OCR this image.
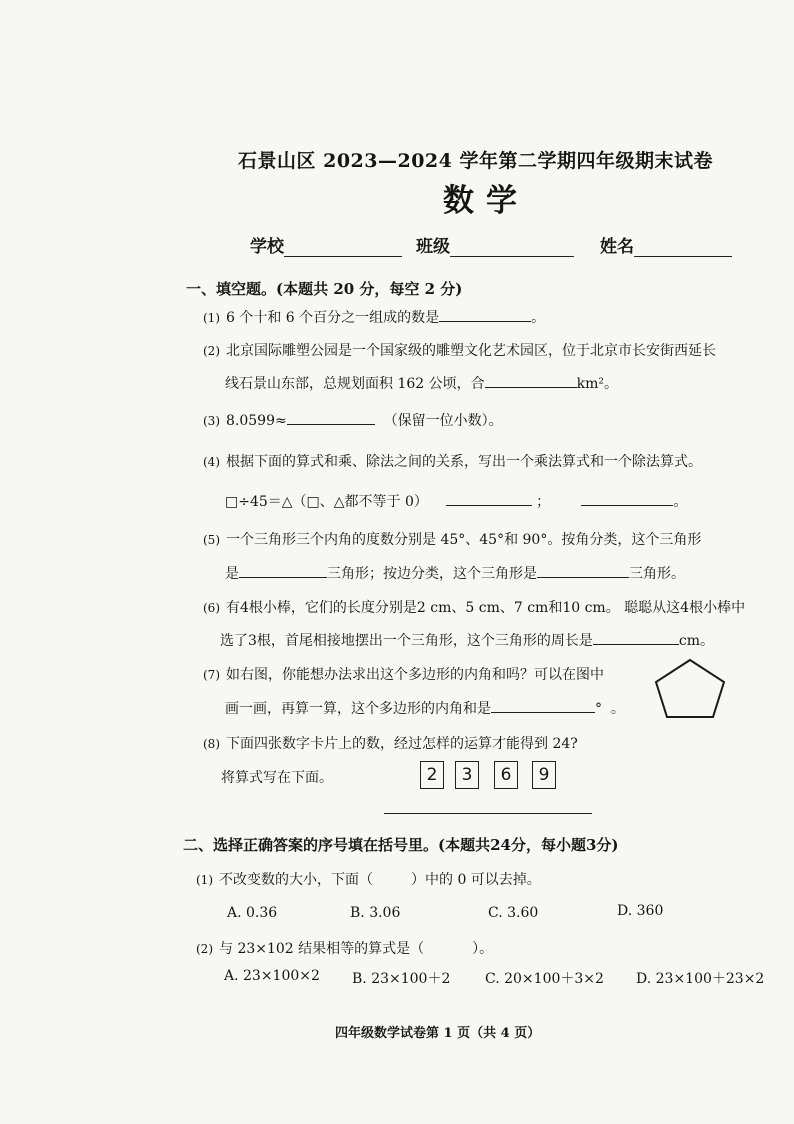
石景山区 2023—2024 学年第二学期四年级期末试卷
数学
学校	班级	姓名
一、填空题。(本题共 20 分，每空 2 分)
(1) 6 个十和 6 个百分之一组成的数是	。
(2) 北京国际雕塑公园是一个国家级的雕塑文化艺术园区，位于北京市长安街西延长
线石景山东部，总规划面积 162 公顷，合	km²。
(3) 8.0599≈	（保留一位小数）。
(4) 根据下面的算式和乘、除法之间的关系，写出一个乘法算式和一个除法算式。
□÷45＝△（□、△都不等于 0）	；	。
(5) 一个三角形三个内角的度数分别是 45°、45°和 90°。按角分类，这个三角形
是	三角形；按边分类，这个三角形是	三角形。
(6) 有4根小棒，它们的长度分别是2 cm、5 cm、7 cm和10 cm。 聪聪从这4根小棒中
选了3根，首尾相接地摆出一个三角形，这个三角形的周长是	cm。
(7) 如右图，你能想办法求出这个多边形的内角和吗？可以在图中
画一画，再算一算，这个多边形的内角和是	° 。
(8) 下面四张数字卡片上的数，经过怎样的运算才能得到 24?
将算式写在下面。	2	3	6	9
二、选择正确答案的序号填在括号里。(本题共24分，每小题3分)
(1) 不改变数的大小，下面（	）中的 0 可以去掉。
A. 0.36	B. 3.06	C. 3.60	D. 360
(2) 与 23×102 结果相等的算式是（	）。
A. 23×100×2 B. 23×100＋2 C. 20×100＋3×2 D. 23×100＋23×2
四年级数学试卷第 1 页（共 4 页）
